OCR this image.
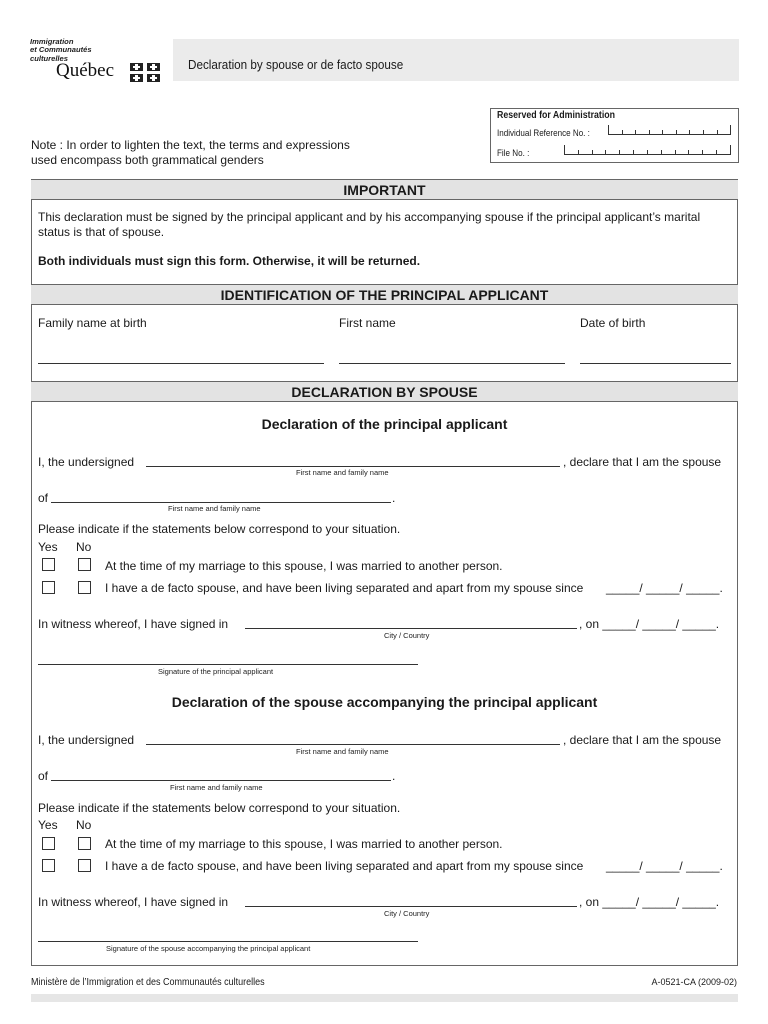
Immigration
et Communautés
culturelles
Québec	Declaration by spouse or de facto spouse
Reserved for Administration
Individual Reference No. :
File No. :
Note : In order to lighten the text, the terms and expressions
used encompass both grammatical genders
IMPORTANT
This declaration must be signed by the principal applicant and by his accompanying spouse if the principal applicant’s marital status is that of spouse.
Both individuals must sign this form. Otherwise, it will be returned.
IDENTIFICATION OF THE PRINCIPAL APPLICANT
Family name at birth	First name	Date of birth
DECLARATION BY SPOUSE
Declaration of the principal applicant
I, the undersigned	, declare that I am the spouse
First name and family name
of	.
First name and family name
Please indicate if the statements below correspond to your situation.
Yes No
At the time of my marriage to this spouse, I was married to another person.
I have a de facto spouse, and have been living separated and apart from my spouse since _____/ _____/ _____.
In witness whereof, I have signed in	, on _____/ _____/ _____.
City / Country
Signature of the principal applicant
Declaration of the spouse accompanying the principal applicant
I, the undersigned	, declare that I am the spouse
First name and family name
of	.
First name and family name
Please indicate if the statements below correspond to your situation.
Yes No
At the time of my marriage to this spouse, I was married to another person.
I have a de facto spouse, and have been living separated and apart from my spouse since _____/ _____/ _____.
In witness whereof, I have signed in	, on _____/ _____/ _____.
City / Country
Signature of the spouse accompanying the principal applicant
Ministère de l’Immigration et des Communautés culturelles	A-0521-CA (2009-02)
